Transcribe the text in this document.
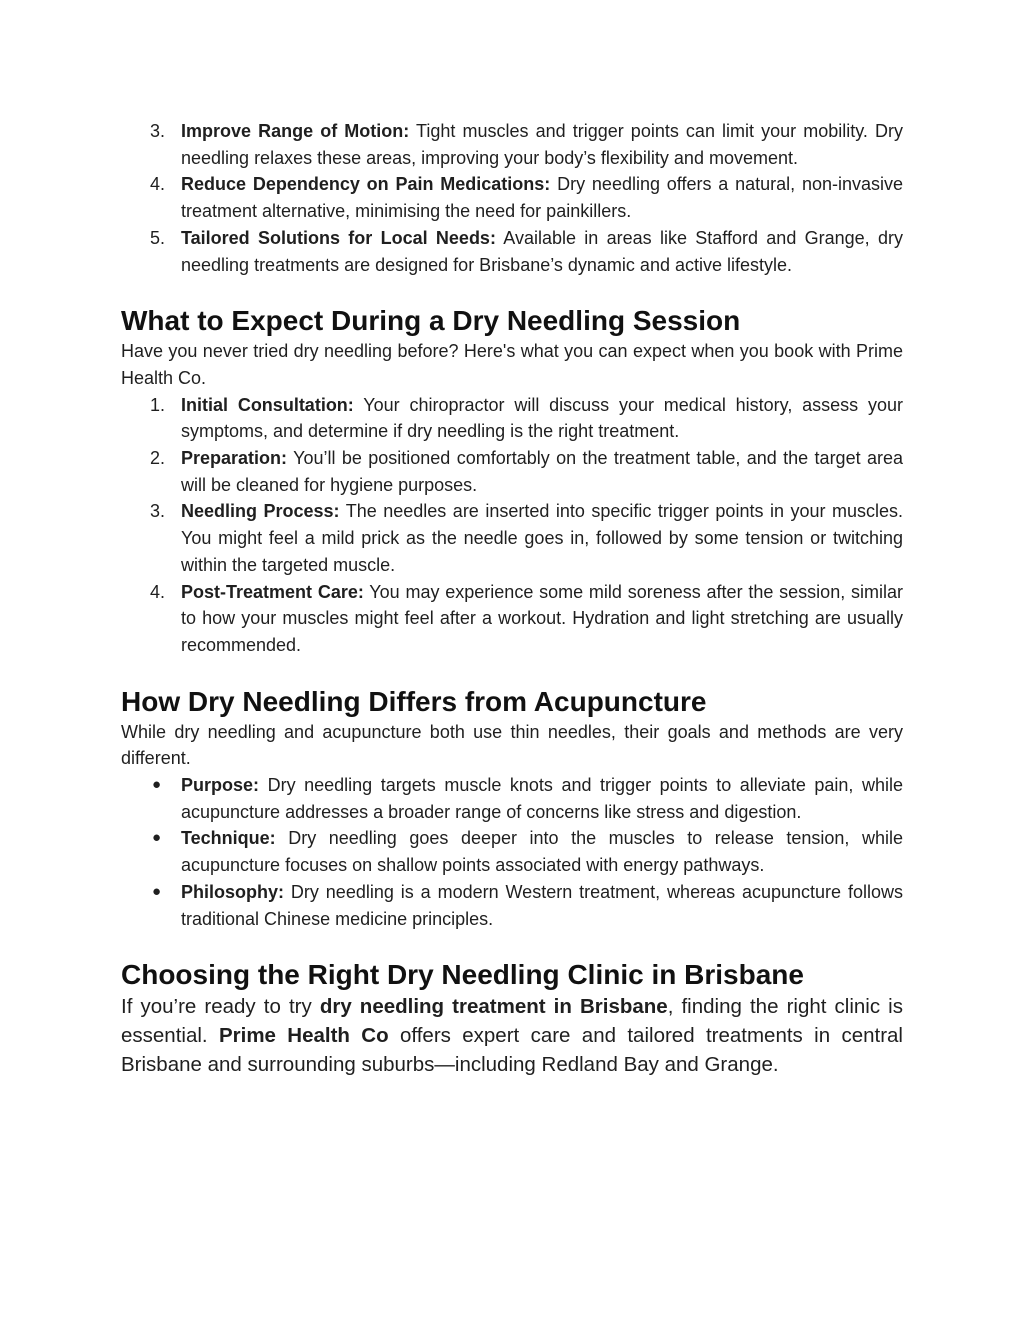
3. Improve Range of Motion: Tight muscles and trigger points can limit your mobility. Dry needling relaxes these areas, improving your body’s flexibility and movement.
4. Reduce Dependency on Pain Medications: Dry needling offers a natural, non-invasive treatment alternative, minimising the need for painkillers.
5. Tailored Solutions for Local Needs: Available in areas like Stafford and Grange, dry needling treatments are designed for Brisbane’s dynamic and active lifestyle.
What to Expect During a Dry Needling Session

Have you never tried dry needling before? Here's what you can expect when you book with Prime Health Co.

1. Initial Consultation: Your chiropractor will discuss your medical history, assess your symptoms, and determine if dry needling is the right treatment.
2. Preparation: You’ll be positioned comfortably on the treatment table, and the target area will be cleaned for hygiene purposes.
3. Needling Process: The needles are inserted into specific trigger points in your muscles. You might feel a mild prick as the needle goes in, followed by some tension or twitching within the targeted muscle.
4. Post-Treatment Care: You may experience some mild soreness after the session, similar to how your muscles might feel after a workout. Hydration and light stretching are usually recommended.
How Dry Needling Differs from Acupuncture

While dry needling and acupuncture both use thin needles, their goals and methods are very different.

●	Purpose: Dry needling targets muscle knots and trigger points to alleviate pain, while acupuncture addresses a broader range of concerns like stress and digestion.
●	Technique: Dry needling goes deeper into the muscles to release tension, while acupuncture focuses on shallow points associated with energy pathways.
●	Philosophy: Dry needling is a modern Western treatment, whereas acupuncture follows traditional Chinese medicine principles.
Choosing the Right Dry Needling Clinic in Brisbane

If you’re ready to try dry needling treatment in Brisbane, finding the right clinic is essential. Prime Health Co offers expert care and tailored treatments in central Brisbane and surrounding suburbs—including Redland Bay and Grange.
